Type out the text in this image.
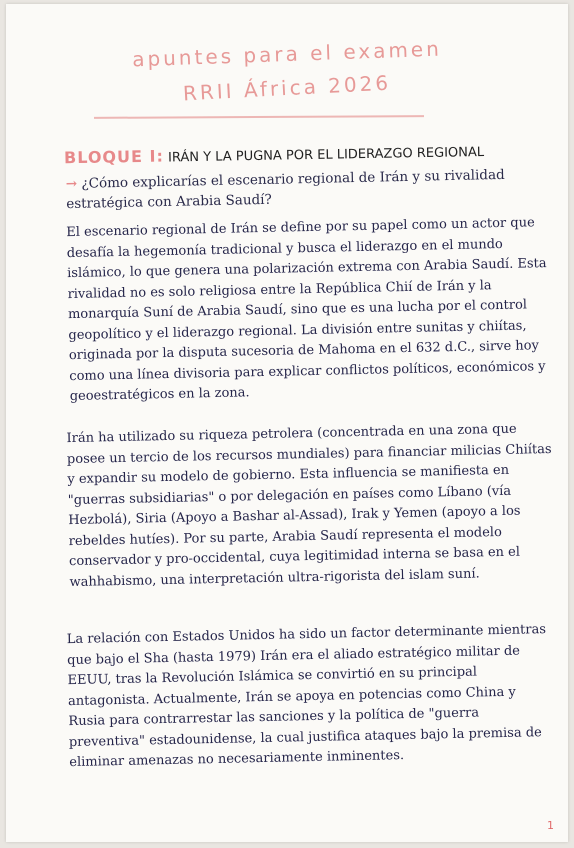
apuntes para el examen
RRII África 2026
BLOQUE I: IRÁN Y LA PUGNA POR EL LIDERAZGO REGIONAL
→ ¿Cómo explicarías el escenario regional de Irán y su rivalidad estratégica con Arabia Saudí?
El escenario regional de Irán se define por su papel como un actor que desafía la hegemonía tradicional y busca el liderazgo en el mundo islámico, lo que genera una polarización extrema con Arabia Saudí. Esta rivalidad no es solo religiosa entre la República Chií de Irán y la monarquía Suní de Arabia Saudí, sino que es una lucha por el control geopolítico y el liderazgo regional. La división entre sunitas y chiítas, originada por la disputa sucesoria de Mahoma en el 632 d.C., sirve hoy como una línea divisoria para explicar conflictos políticos, económicos y geoestratégicos en la zona.
Irán ha utilizado su riqueza petrolera (concentrada en una zona que posee un tercio de los recursos mundiales) para financiar milicias Chiítas y expandir su modelo de gobierno. Esta influencia se manifiesta en "guerras subsidiarias" o por delegación en países como Líbano (vía Hezbolá), Siria (Apoyo a Bashar al-Assad), Irak y Yemen (apoyo a los rebeldes hutíes). Por su parte, Arabia Saudí representa el modelo conservador y pro-occidental, cuya legitimidad interna se basa en el wahhabismo, una interpretación ultra-rigorista del islam suní.
La relación con Estados Unidos ha sido un factor determinante mientras que bajo el Sha (hasta 1979) Irán era el aliado estratégico militar de EEUU, tras la Revolución Islámica se convirtió en su principal antagonista. Actualmente, Irán se apoya en potencias como China y Rusia para contrarrestar las sanciones y la política de "guerra preventiva" estadounidense, la cual justifica ataques bajo la premisa de eliminar amenazas no necesariamente inminentes.
1
